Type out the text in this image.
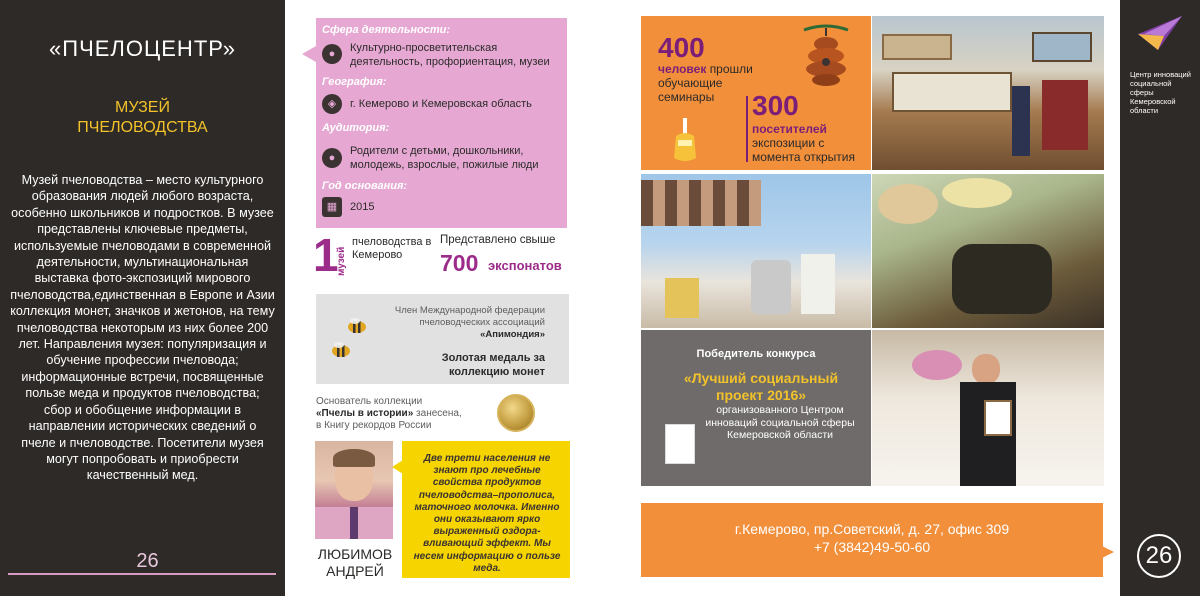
«ПЧЕЛОЦЕНТР»
МУЗЕЙ
ПЧЕЛОВОДСТВА
Музей пчеловодства – место культурного образования людей любого возраста, особенно школьников и подростков. В музее представлены ключевые предметы, используемые пчеловодами в современной деятельности, мультинациональная выставка фото-экспозиций мирового пчеловодства,единственная в Европе и Азии коллекция монет, значков и жетонов, на тему пчеловодства некоторым из них более 200 лет. Направления музея: популяризация и обучение профессии пчеловода; информационные встречи, посвященные пользе меда и продуктов пчеловодства; сбор и обобщение информации в направлении исторических сведений о пчеле и пчеловодстве. Посетители музея могут попробовать и приобрести качественный мед.
26
Сфера деятельности:
●	Культурно-просветительская деятельность, профориентация, музеи
География:
◈	г. Кемерово и Кемеровская область
Аудитория:
●
Родители с детьми, дошкольники, молодежь, взрослые, пожилые люди
Год основания:
▦	2015
1
музей
пчеловодства в Кемерово
Представлено свыше
700 экспонатов
Член Международной федерации пчеловодческих ассоциаций
«Апимондия»
Золотая медаль за коллекцию монет
Основатель коллекции
«Пчелы в истории» занесена,
в Книгу рекордов России
ЛЮБИМОВ
АНДРЕЙ
Две трети населения не знают про лечебные свойства продуктов пчеловодства–прополиса, маточного молочка. Именно они оказывают ярко выраженный оздора-вливающий эффект. Мы несем информацию о пользе меда.
400
человек прошли
обучающие семинары	300
посетителей
экспозиции с момента открытия
Победитель конкурса
«Лучший социальный проект 2016»
организованного Центром инноваций социальной сферы Кемеровской области
г.Кемерово, пр.Советский, д. 27, офис 309
+7 (3842)49-50-60
Центр инноваций социальной сферы Кемеровской области
26
